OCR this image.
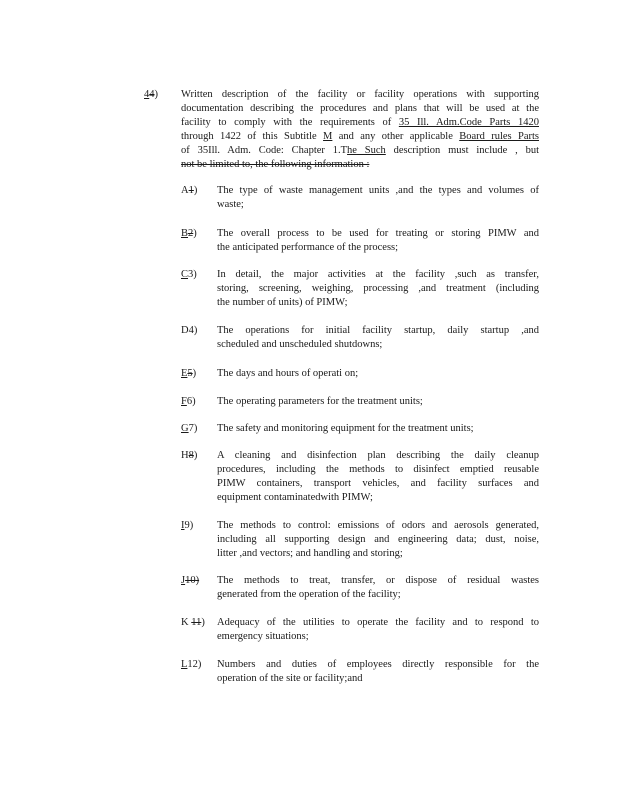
44) Written description of the facility or facility operations with supporting
documentation describing the procedures and plans that will be used at the
facility to comply with the requirements of 35 Ill. Adm.Code Parts 1420
through 1422 of this Subtitle M and any other applicable Board rules Parts
of 35Ill. Adm. Code: Chapter 1.The Such description must include , but
not be limited to, the following information :
A1)	The type of waste management units ,and the types and volumes of
waste;
B2)	The overall process to be used for treating or storing PIMW and
the anticipated performance of the process;
C3)	In detail, the major activities at the facility ,such as transfer,
storing, screening, weighing, processing ,and treatment (including
the number of units) of PIMW;
D4)	The operations for initial facility startup, daily startup ,and
scheduled and unscheduled shutdowns;
E5)	The days and hours of operati on;
F6)	The operating parameters for the treatment units;
G7)	The safety and monitoring equipment for the treatment units;
H8)	A cleaning and disinfection plan describing the daily cleanup
procedures, including the methods to disinfect emptied reusable
PIMW containers, transport vehicles, and facility surfaces and
equipment contaminatedwith PIMW;
I9)	The methods to control: emissions of odors and aerosols generated,
including all supporting design and engineering data; dust, noise,
litter ,and vectors; and handling and storing;
J10)	The methods to treat, transfer, or dispose of residual wastes
generated from the operation of the facility;
K 11)	Adequacy of the utilities to operate the facility and to respond to
emergency situations;
L12)	Numbers and duties of employees directly responsible for the
operation of the site or facility;and
